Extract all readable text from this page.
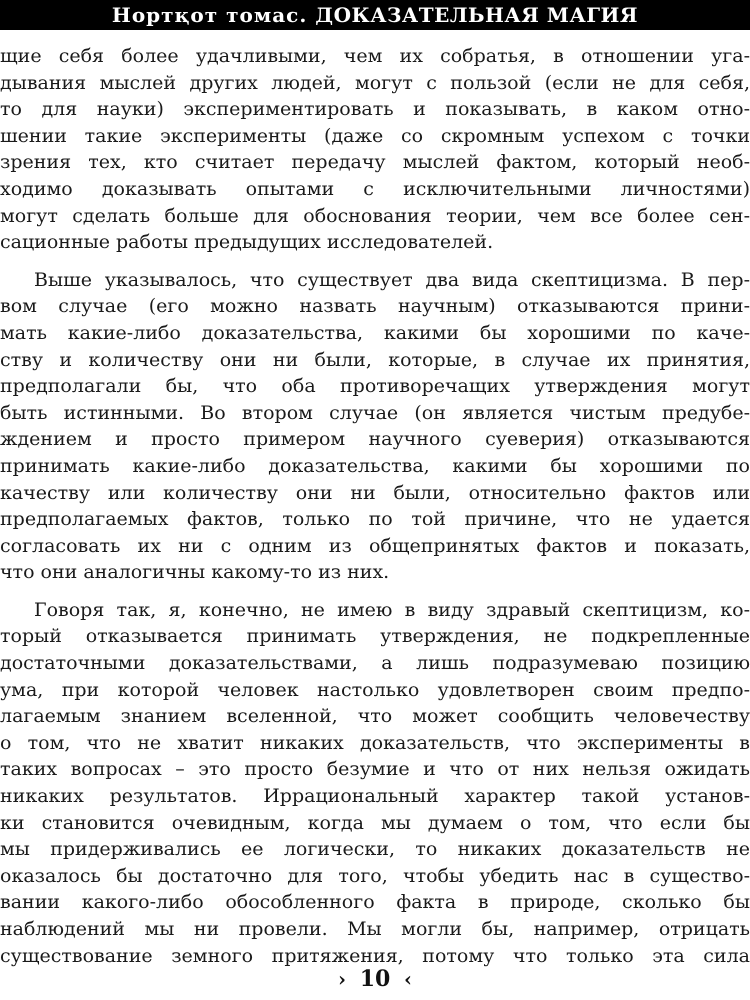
Нортқот томас. ДОКАЗАТЕЛЬНАЯ МАГИЯ
щие себя более удачливыми, чем их собратья, в отношении уга-
дывания мыслей других людей, могут с пользой (если не для себя,
то для науки) экспериментировать и показывать, в каком отно-
шении такие эксперименты (даже со скромным успехом с точки
зрения тех, кто считает передачу мыслей фактом, который необ-
ходимо доказывать опытами с исключительными личностями)
могут сделать больше для обоснования теории, чем все более сен-
сационные работы предыдущих исследователей.
Выше указывалось, что существует два вида скептицизма. В пер-
вом случае (его можно назвать научным) отказываются прини-
мать какие-либо доказательства, какими бы хорошими по каче-
ству и количеству они ни были, которые, в случае их принятия,
предполагали бы, что оба противоречащих утверждения могут
быть истинными. Во втором случае (он является чистым предубе-
ждением и просто примером научного суеверия) отказываются
принимать какие-либо доказательства, какими бы хорошими по
качеству или количеству они ни были, относительно фактов или
предполагаемых фактов, только по той причине, что не удается
согласовать их ни с одним из общепринятых фактов и показать,
что они аналогичны какому-то из них.
Говоря так, я, конечно, не имею в виду здравый скептицизм, ко-
торый отказывается принимать утверждения, не подкрепленные
достаточными доказательствами, а лишь подразумеваю позицию
ума, при которой человек настолько удовлетворен своим предпо-
лагаемым знанием вселенной, что может сообщить человечеству
о том, что не хватит никаких доказательств, что эксперименты в
таких вопросах – это просто безумие и что от них нельзя ожидать
никаких результатов. Иррациональный характер такой установ-
ки становится очевидным, когда мы думаем о том, что если бы
мы придерживались ее логически, то никаких доказательств не
оказалось бы достаточно для того, чтобы убедить нас в существо-
вании какого-либо обособленного факта в природе, сколько бы
наблюдений мы ни провели. Мы могли бы, например, отрицать
существование земного притяжения, потому что только эта сила
› 10 ‹
